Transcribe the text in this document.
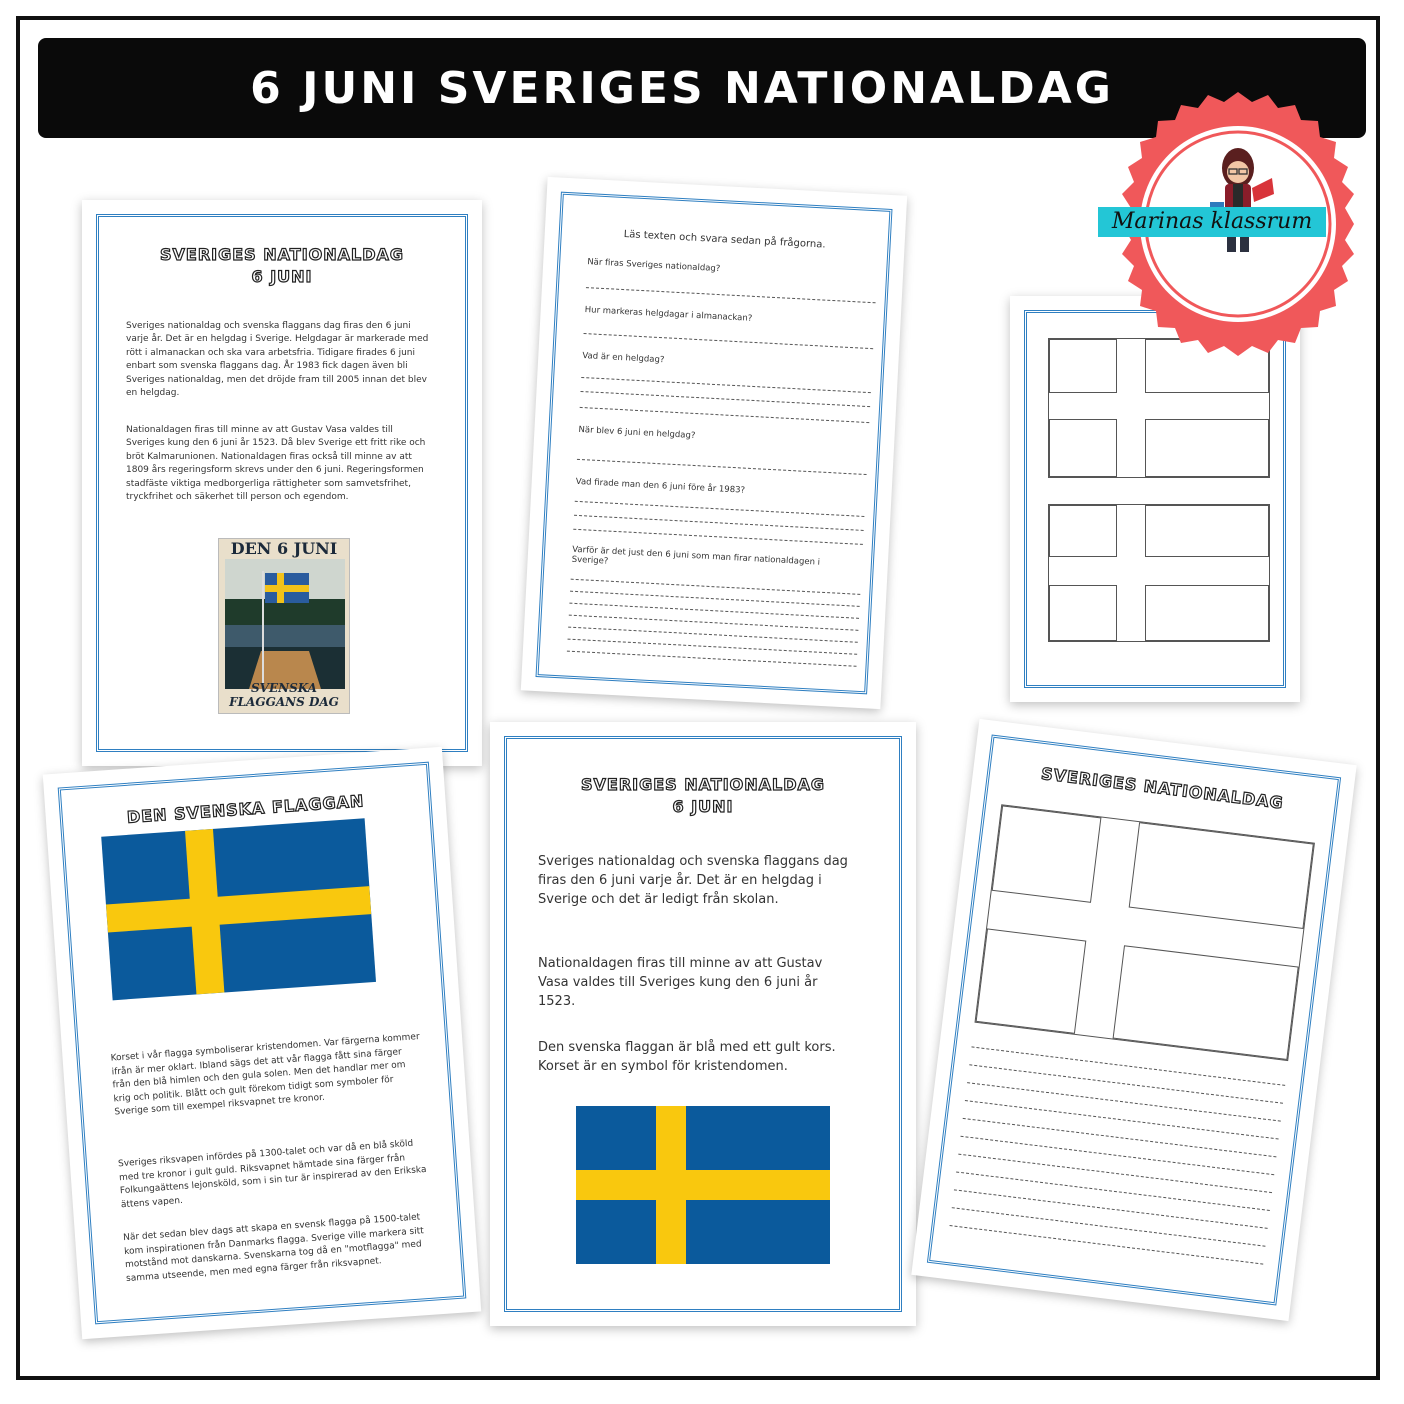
6 JUNI SVERIGES NATIONALDAG
SVERIGES NATIONALDAG
6 JUNI
Sveriges nationaldag och svenska flaggans dag firas den 6 juni varje år. Det är en helgdag i Sverige. Helgdagar är markerade med rött i almanackan och ska vara arbetsfria. Tidigare firades 6 juni enbart som svenska flaggans dag. År 1983 fick dagen även bli Sveriges nationaldag, men det dröjde fram till 2005 innan det blev en helgdag.
Nationaldagen firas till minne av att Gustav Vasa valdes till Sveriges kung den 6 juni år 1523. Då blev Sverige ett fritt rike och bröt Kalmarunionen. Nationaldagen firas också till minne av att 1809 års regeringsform skrevs under den 6 juni. Regeringsformen stadfäste viktiga medborgerliga rättigheter som samvetsfrihet, tryckfrihet och säkerhet till person och egendom.
DEN 6 JUNI
SVENSKA FLAGGANS DAG
Läs texten och svara sedan på frågorna.
När firas Sveriges nationaldag?
Hur markeras helgdagar i almanackan?
Vad är en helgdag?
När blev 6 juni en helgdag?
Vad firade man den 6 juni före år 1983?
Varför är det just den 6 juni som man firar nationaldagen i Sverige?
DEN SVENSKA FLAGGAN
Korset i vår flagga symboliserar kristendomen. Var färgerna kommer ifrån är mer oklart. Ibland sägs det att vår flagga fått sina färger från den blå himlen och den gula solen. Men det handlar mer om krig och politik. Blått och gult förekom tidigt som symboler för Sverige som till exempel riksvapnet tre kronor.
Sveriges riksvapen infördes på 1300-talet och var då en blå sköld med tre kronor i gult guld. Riksvapnet hämtade sina färger från Folkungaättens lejonsköld, som i sin tur är inspirerad av den Erikska ättens vapen.
När det sedan blev dags att skapa en svensk flagga på 1500-talet kom inspirationen från Danmarks flagga. Sverige ville markera sitt motstånd mot danskarna. Svenskarna tog då en "motflagga" med samma utseende, men med egna färger från riksvapnet.
SVERIGES NATIONALDAG
6 JUNI
Sveriges nationaldag och svenska flaggans dag firas den 6 juni varje år. Det är en helgdag i Sverige och det är ledigt från skolan.
Nationaldagen firas till minne av att Gustav Vasa valdes till Sveriges kung den 6 juni år 1523.
Den svenska flaggan är blå med ett gult kors. Korset är en symbol för kristendomen.
SVERIGES NATIONALDAG
Marinas klassrum
